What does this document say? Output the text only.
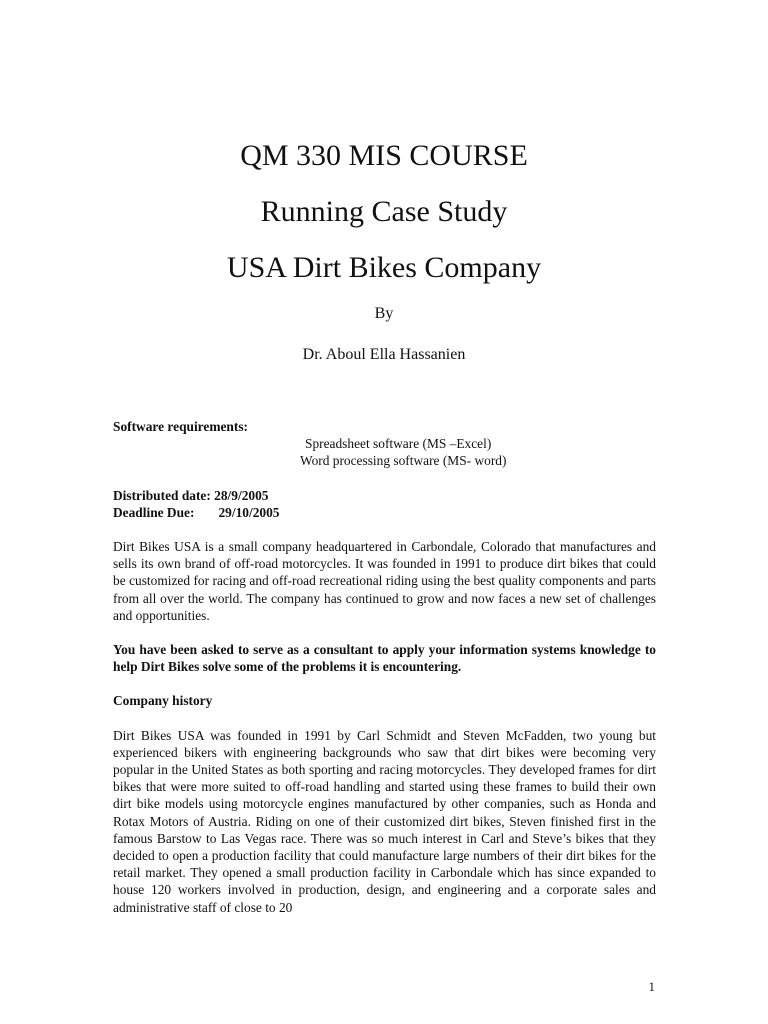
QM 330 MIS COURSE
Running Case Study
USA Dirt Bikes Company
By
Dr. Aboul Ella Hassanien
Software requirements:
Spreadsheet software (MS –Excel)
Word processing software (MS- word)
Distributed date: 28/9/2005
Deadline Due: 29/10/2005

Dirt Bikes USA is a small company headquartered in Carbondale, Colorado that manufactures and sells its own brand of off-road motorcycles. It was founded in 1991 to produce dirt bikes that could be customized for racing and off-road recreational riding using the best quality components and parts from all over the world. The company has continued to grow and now faces a new set of challenges and opportunities.

You have been asked to serve as a consultant to apply your information systems knowledge to help Dirt Bikes solve some of the problems it is encountering.

Company history

Dirt Bikes USA was founded in 1991 by Carl Schmidt and Steven McFadden, two young but experienced bikers with engineering backgrounds who saw that dirt bikes were becoming very popular in the United States as both sporting and racing motorcycles. They developed frames for dirt bikes that were more suited to off-road handling and started using these frames to build their own dirt bike models using motorcycle engines manufactured by other companies, such as Honda and Rotax Motors of Austria. Riding on one of their customized dirt bikes, Steven finished first in the famous Barstow to Las Vegas race. There was so much interest in Carl and Steve’s bikes that they decided to open a production facility that could manufacture large numbers of their dirt bikes for the retail market. They opened a small production facility in Carbondale which has since expanded to house 120 workers involved in production, design, and engineering and a corporate sales and administrative staff of close to 20

1
